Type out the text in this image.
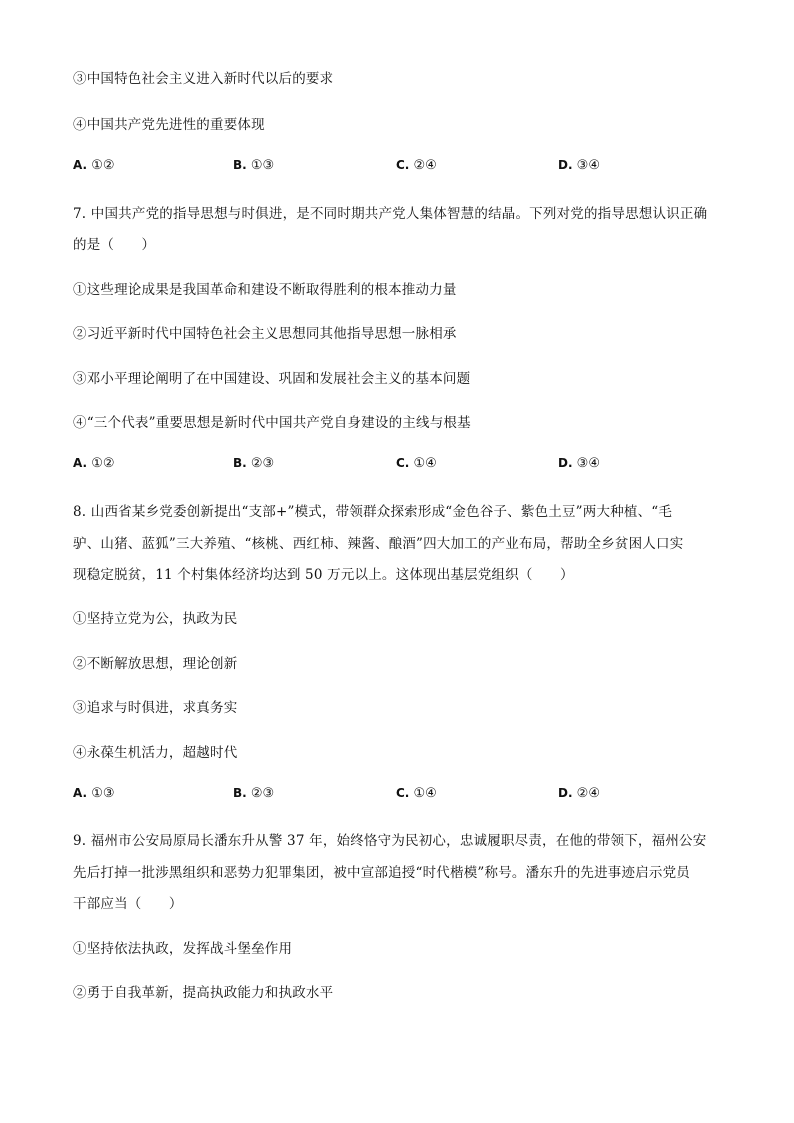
③中国特色社会主义进入新时代以后的要求
④中国共产党先进性的重要体现
A. ①②	B. ①③	C. ②④	D. ③④
7. 中国共产党的指导思想与时俱进，是不同时期共产党人集体智慧的结晶。下列对党的指导思想认识正确
的是（　　）
①这些理论成果是我国革命和建设不断取得胜利的根本推动力量
②习近平新时代中国特色社会主义思想同其他指导思想一脉相承
③邓小平理论阐明了在中国建设、巩固和发展社会主义的基本问题
④“三个代表”重要思想是新时代中国共产党自身建设的主线与根基
A. ①②	B. ②③	C. ①④	D. ③④
8. 山西省某乡党委创新提出“支部+”模式，带领群众探索形成“金色谷子、紫色土豆”两大种植、“毛
驴、山猪、蓝狐”三大养殖、“核桃、西红柿、辣酱、酿酒”四大加工的产业布局，帮助全乡贫困人口实
现稳定脱贫，11 个村集体经济均达到 50 万元以上。这体现出基层党组织（　　）
①坚持立党为公，执政为民
②不断解放思想，理论创新
③追求与时俱进，求真务实
④永葆生机活力，超越时代
A. ①③	B. ②③	C. ①④	D. ②④
9. 福州市公安局原局长潘东升从警 37 年，始终恪守为民初心，忠诚履职尽责，在他的带领下，福州公安
先后打掉一批涉黑组织和恶势力犯罪集团，被中宣部追授“时代楷模”称号。潘东升的先进事迹启示党员
干部应当（　　）
①坚持依法执政，发挥战斗堡垒作用
②勇于自我革新，提高执政能力和执政水平
